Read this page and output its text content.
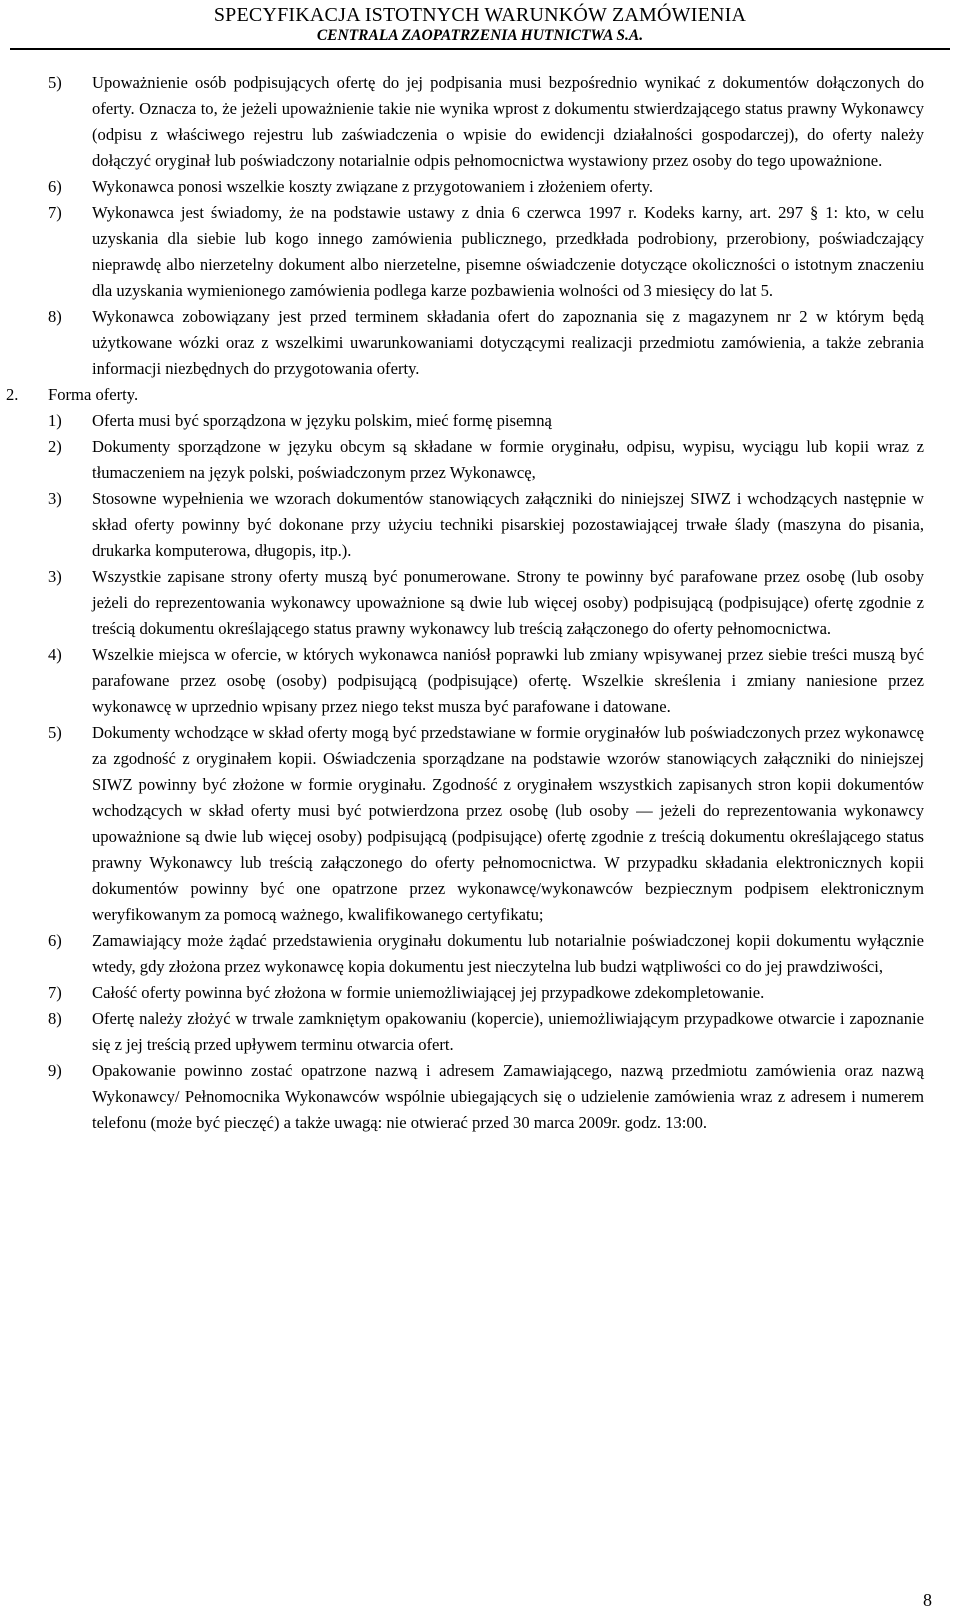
SPECYFIKACJA ISTOTNYCH WARUNKÓW ZAMÓWIENIA
CENTRALA ZAOPATRZENIA HUTNICTWA S.A.
5) Upoważnienie osób podpisujących ofertę do jej podpisania musi bezpośrednio wynikać z dokumentów dołączonych do oferty. Oznacza to, że jeżeli upoważnienie takie nie wynika wprost z dokumentu stwierdzającego status prawny Wykonawcy (odpisu z właściwego rejestru lub zaświadczenia o wpisie do ewidencji działalności gospodarczej), do oferty należy dołączyć oryginał lub poświadczony notarialnie odpis pełnomocnictwa wystawiony przez osoby do tego upoważnione.
6) Wykonawca ponosi wszelkie koszty związane z przygotowaniem i złożeniem oferty.
7) Wykonawca jest świadomy, że na podstawie ustawy z dnia 6 czerwca 1997 r. Kodeks karny, art. 297 § 1: kto, w celu uzyskania dla siebie lub kogo innego zamówienia publicznego, przedkłada podrobiony, przerobiony, poświadczający nieprawdę albo nierzetelny dokument albo nierzetelne, pisemne oświadczenie dotyczące okoliczności o istotnym znaczeniu dla uzyskania wymienionego zamówienia podlega karze pozbawienia wolności od 3 miesięcy do lat 5.
8) Wykonawca zobowiązany jest przed terminem składania ofert do zapoznania się z magazynem nr 2 w którym będą użytkowane wózki oraz z wszelkimi uwarunkowaniami dotyczącymi realizacji przedmiotu zamówienia, a także zebrania informacji niezbędnych do przygotowania oferty.
2. Forma oferty.
1) Oferta musi być sporządzona w języku polskim, mieć formę pisemną
2) Dokumenty sporządzone w języku obcym są składane w formie oryginału, odpisu, wypisu, wyciągu lub kopii wraz z tłumaczeniem na język polski, poświadczonym przez Wykonawcę,
3) Stosowne wypełnienia we wzorach dokumentów stanowiących załączniki do niniejszej SIWZ i wchodzących następnie w skład oferty powinny być dokonane przy użyciu techniki pisarskiej pozostawiającej trwałe ślady (maszyna do pisania, drukarka komputerowa, długopis, itp.).
3) Wszystkie zapisane strony oferty muszą być ponumerowane. Strony te powinny być parafowane przez osobę (lub osoby jeżeli do reprezentowania wykonawcy upoważnione są dwie lub więcej osoby) podpisującą (podpisujące) ofertę zgodnie z treścią dokumentu określającego status prawny wykonawcy lub treścią załączonego do oferty pełnomocnictwa.
4) Wszelkie miejsca w ofercie, w których wykonawca naniósł poprawki lub zmiany wpisywanej przez siebie treści muszą być parafowane przez osobę (osoby) podpisującą (podpisujące) ofertę. Wszelkie skreślenia i zmiany naniesione przez wykonawcę w uprzednio wpisany przez niego tekst musza być parafowane i datowane.
5) Dokumenty wchodzące w skład oferty mogą być przedstawiane w formie oryginałów lub poświadczonych przez wykonawcę za zgodność z oryginałem kopii. Oświadczenia sporządzane na podstawie wzorów stanowiących załączniki do niniejszej SIWZ powinny być złożone w formie oryginału. Zgodność z oryginałem wszystkich zapisanych stron kopii dokumentów wchodzących w skład oferty musi być potwierdzona przez osobę (lub osoby — jeżeli do reprezentowania wykonawcy upoważnione są dwie lub więcej osoby) podpisującą (podpisujące) ofertę zgodnie z treścią dokumentu określającego status prawny Wykonawcy lub treścią załączonego do oferty pełnomocnictwa. W przypadku składania elektronicznych kopii dokumentów powinny być one opatrzone przez wykonawcę/wykonawców bezpiecznym podpisem elektronicznym weryfikowanym za pomocą ważnego, kwalifikowanego certyfikatu;
6) Zamawiający może żądać przedstawienia oryginału dokumentu lub notarialnie poświadczonej kopii dokumentu wyłącznie wtedy, gdy złożona przez wykonawcę kopia dokumentu jest nieczytelna lub budzi wątpliwości co do jej prawdziwości,
7) Całość oferty powinna być złożona w formie uniemożliwiającej jej przypadkowe zdekompletowanie.
8) Ofertę należy złożyć w trwale zamkniętym opakowaniu (kopercie), uniemożliwiającym przypadkowe otwarcie i zapoznanie się z jej treścią przed upływem terminu otwarcia ofert.
9) Opakowanie powinno zostać opatrzone nazwą i adresem Zamawiającego, nazwą przedmiotu zamówienia oraz nazwą Wykonawcy/ Pełnomocnika Wykonawców wspólnie ubiegających się o udzielenie zamówienia wraz z adresem i numerem telefonu (może być pieczęć) a także uwagą: nie otwierać przed 30 marca 2009r. godz. 13:00.
8
